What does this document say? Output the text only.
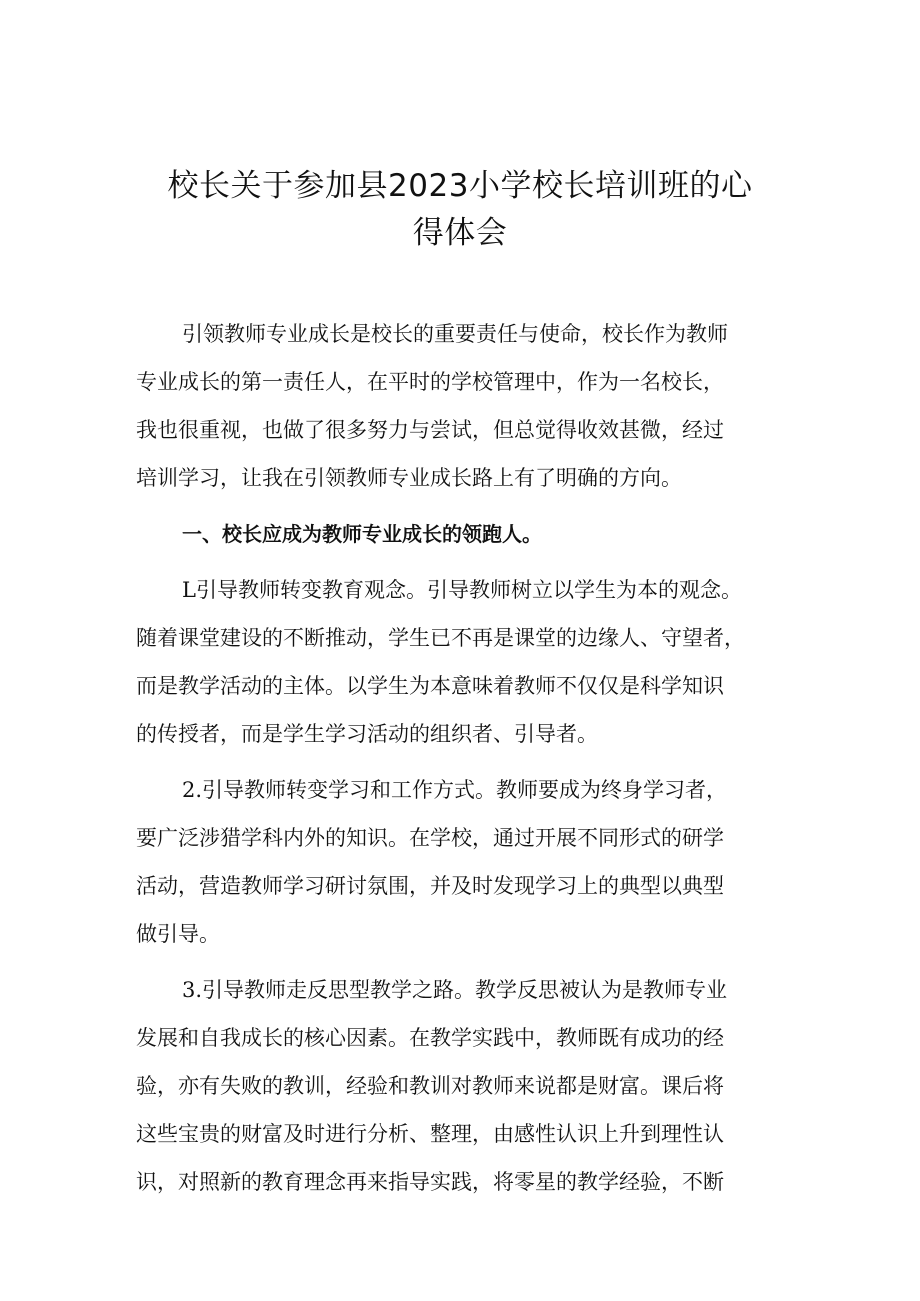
校长关于参加县2023小学校长培训班的心
得体会

引领教师专业成长是校长的重要责任与使命，校长作为教师
专业成长的第一责任人，在平时的学校管理中，作为一名校长，
我也很重视，也做了很多努力与尝试，但总觉得收效甚微，经过
培训学习，让我在引领教师专业成长路上有了明确的方向。

一、校长应成为教师专业成长的领跑人。

L引导教师转变教育观念。引导教师树立以学生为本的观念。
随着课堂建设的不断推动，学生已不再是课堂的边缘人、守望者，
而是教学活动的主体。以学生为本意味着教师不仅仅是科学知识
的传授者，而是学生学习活动的组织者、引导者。

2.引导教师转变学习和工作方式。教师要成为终身学习者，
要广泛涉猎学科内外的知识。在学校，通过开展不同形式的研学
活动，营造教师学习研讨氛围，并及时发现学习上的典型以典型
做引导。

3.引导教师走反思型教学之路。教学反思被认为是教师专业
发展和自我成长的核心因素。在教学实践中，教师既有成功的经
验，亦有失败的教训，经验和教训对教师来说都是财富。课后将
这些宝贵的财富及时进行分析、整理，由感性认识上升到理性认
识，对照新的教育理念再来指导实践，将零星的教学经验，不断
